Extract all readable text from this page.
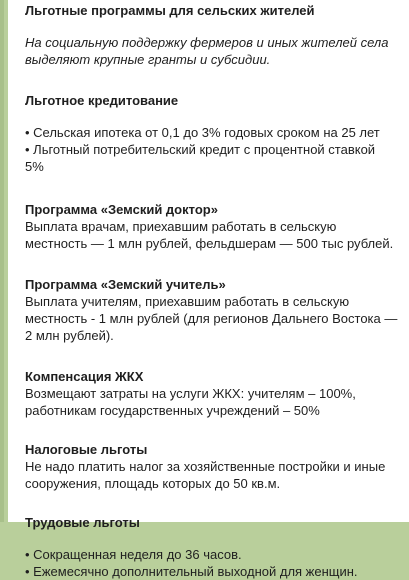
Льготные программы для сельских жителей

На социальную поддержку фермеров и иных жителей села

выделяют крупные гранты и субсидии.

Льготное кредитование
• Сельская ипотека от 0,1 до 3% годовых сроком на 25 лет
• Льготный потребительский кредит с процентной ставкой
5%
Программа «Земский доктор»

Выплата врачам, приехавшим работать в сельскую

местность — 1 млн рублей, фельдшерам — 500 тыс рублей.

Программа «Земский учитель»

Выплата учителям, приехавшим работать в сельскую

местность - 1 млн рублей (для регионов Дальнего Востока —

2 млн рублей).

Компенсация ЖКХ

Возмещают затраты на услуги ЖКХ: учителям – 100%,

работникам государственных учреждений – 50%

Налоговые льготы

Не надо платить налог за хозяйственные постройки и иные

сооружения, площадь которых до 50 кв.м.

Трудовые льготы
• Сокращенная неделя до 36 часов.
• Ежемесячно дополнительный выходной для женщин.
